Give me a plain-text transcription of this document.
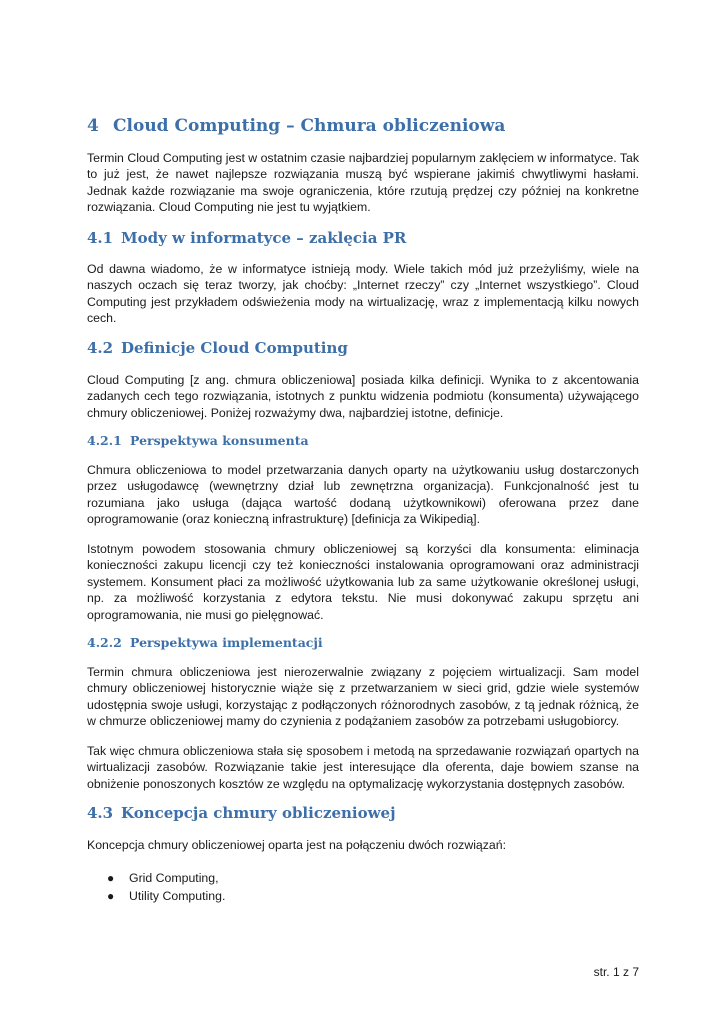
4 Cloud Computing – Chmura obliczeniowa

Termin Cloud Computing jest w ostatnim czasie najbardziej popularnym zaklęciem w informatyce. Tak to już jest, że nawet najlepsze rozwiązania muszą być wspierane jakimiś chwytliwymi hasłami. Jednak każde rozwiązanie ma swoje ograniczenia, które rzutują prędzej czy później na konkretne rozwiązania. Cloud Computing nie jest tu wyjątkiem.

4.1 Mody w informatyce – zaklęcia PR

Od dawna wiadomo, że w informatyce istnieją mody. Wiele takich mód już przeżyliśmy, wiele na naszych oczach się teraz tworzy, jak choćby: „Internet rzeczy” czy „Internet wszystkiego”. Cloud Computing jest przykładem odświeżenia mody na wirtualizację, wraz z implementacją kilku nowych cech.

4.2 Definicje Cloud Computing

Cloud Computing [z ang. chmura obliczeniowa] posiada kilka definicji. Wynika to z akcentowania zadanych cech tego rozwiązania, istotnych z punktu widzenia podmiotu (konsumenta) używającego chmury obliczeniowej. Poniżej rozważymy dwa, najbardziej istotne, definicje.

4.2.1 Perspektywa konsumenta

Chmura obliczeniowa to model przetwarzania danych oparty na użytkowaniu usług dostarczonych przez usługodawcę (wewnętrzny dział lub zewnętrzna organizacja). Funkcjonalność jest tu rozumiana jako usługa (dająca wartość dodaną użytkownikowi) oferowana przez dane oprogramowanie (oraz konieczną infrastrukturę) [definicja za Wikipedią].

Istotnym powodem stosowania chmury obliczeniowej są korzyści dla konsumenta: eliminacja konieczności zakupu licencji czy też konieczności instalowania oprogramowani oraz administracji systemem. Konsument płaci za możliwość użytkowania lub za same użytkowanie określonej usługi, np. za możliwość korzystania z edytora tekstu. Nie musi dokonywać zakupu sprzętu ani oprogramowania, nie musi go pielęgnować.

4.2.2 Perspektywa implementacji

Termin chmura obliczeniowa jest nierozerwalnie związany z pojęciem wirtualizacji. Sam model chmury obliczeniowej historycznie wiąże się z przetwarzaniem w sieci grid, gdzie wiele systemów udostępnia swoje usługi, korzystając z podłączonych różnorodnych zasobów, z tą jednak różnicą, że w chmurze obliczeniowej mamy do czynienia z podążaniem zasobów za potrzebami usługobiorcy.

Tak więc chmura obliczeniowa stała się sposobem i metodą na sprzedawanie rozwiązań opartych na wirtualizacji zasobów. Rozwiązanie takie jest interesujące dla oferenta, daje bowiem szanse na obniżenie ponoszonych kosztów ze względu na optymalizację wykorzystania dostępnych zasobów.

4.3 Koncepcja chmury obliczeniowej

Koncepcja chmury obliczeniowej oparta jest na połączeniu dwóch rozwiązań:

● Grid Computing,
● Utility Computing.
str. 1 z 7
